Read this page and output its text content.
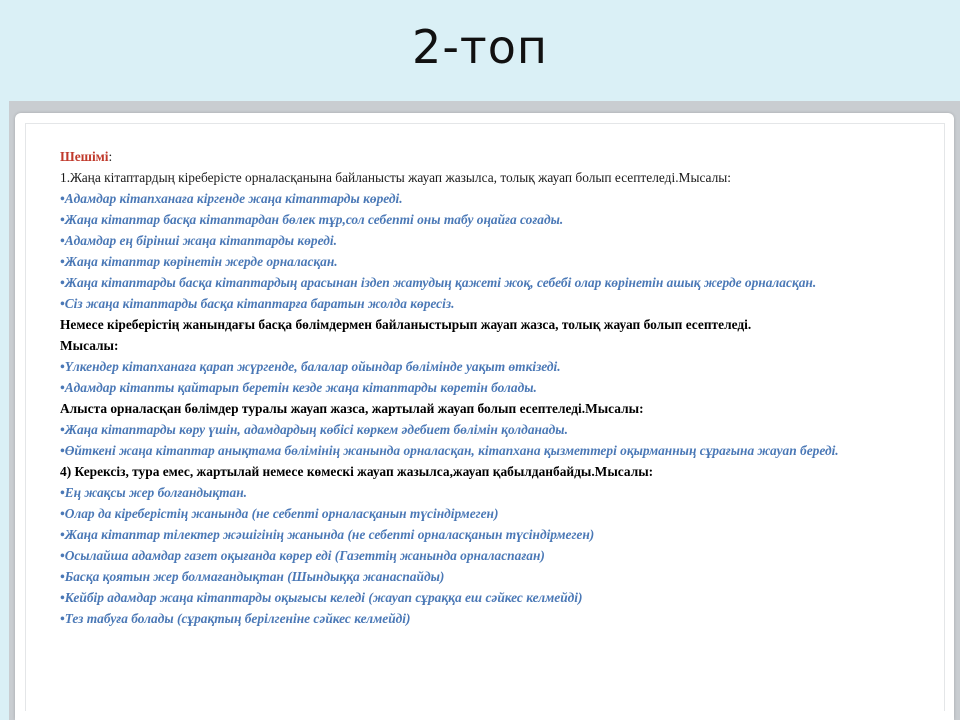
2-топ

Шешімі:

1.Жаңа кітаптардың кіреберісте орналасқанына байланысты жауап жазылса, толық жауап болып есептеледі.Мысалы:

•Адамдар кітапханаға кіргенде жаңа кітаптарды көреді.

•Жаңа кітаптар басқа кітаптардан бөлек тұр,сол себепті оны табу оңайға соғады.

•Адамдар ең бірінші жаңа кітаптарды көреді.

•Жаңа кітаптар көрінетін жерде орналасқан.

•Жаңа кітаптарды басқа кітаптардың арасынан іздеп жатудың қажеті жоқ, себебі олар көрінетін ашық жерде орналасқан.

•Сіз жаңа кітаптарды басқа кітаптарға баратын жолда көресіз.

Немесе кіреберістің жанындағы басқа бөлімдермен байланыстырып жауап жазса, толық жауап болып есептеледі.

Мысалы:

•Үлкендер кітапханаға қарап жүргенде, балалар ойындар бөлімінде уақыт өткізеді.

•Адамдар кітапты қайтарып беретін кезде жаңа кітаптарды көретін болады.

Алыста орналасқан бөлімдер туралы жауап жазса, жартылай жауап болып есептеледі.Мысалы:

•Жаңа кітаптарды көру үшін, адамдардың көбісі көркем әдебиет бөлімін қолданады.

•Өйткені жаңа кітаптар анықтама бөлімінің жанында орналасқан, кітапхана қызметтері оқырманның сұрағына жауап береді.

4) Керексіз, тура емес, жартылай немесе көмескі жауап жазылса,жауап қабылданбайды.Мысалы:

•Ең жақсы жер болғандықтан.

•Олар да кіреберістің жанында (не себепті орналасқанын түсіндірмеген)

•Жаңа кітаптар тілектер жәшігінің жанында (не себепті орналасқанын түсіндірмеген)

•Осылайша адамдар газет оқығанда көрер еді (Газеттің жанында орналаспаған)

•Басқа қоятын жер болмағандықтан (Шындыққа жанаспайды)

•Кейбір адамдар жаңа кітаптарды оқығысы келеді (жауап сұраққа еш сәйкес келмейді)

•Тез табуға болады (сұрақтың берілгеніне сәйкес келмейді)
